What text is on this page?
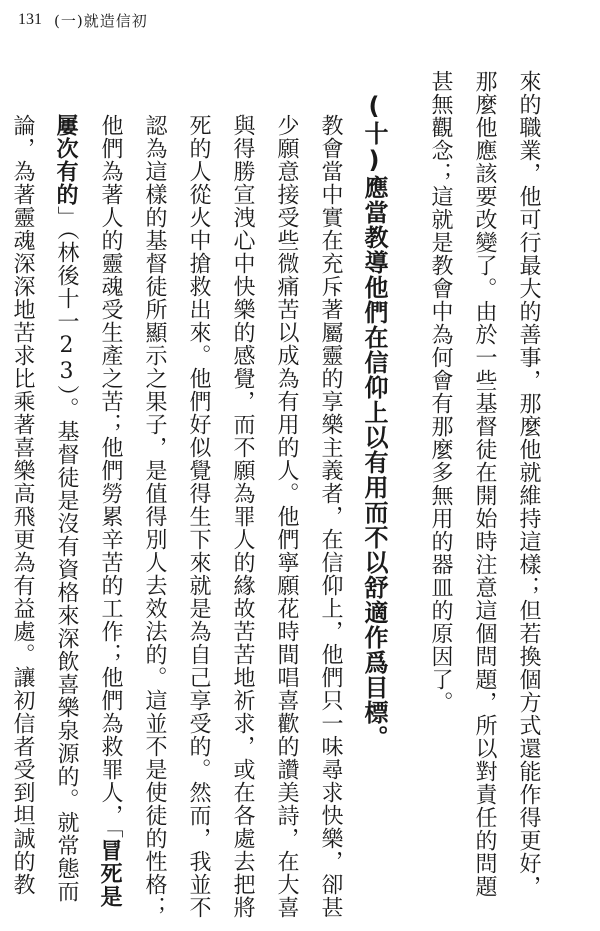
131 (一)就造信初

來的職業，他可行最大的善事，那麼他就維持這樣；但若換個方式還能作得更好，那麼他應該要改變了。由於一些基督徒在開始時注意這個問題，所以對責任的問題甚無觀念；這就是教會中為何會有那麼多無用的器皿的原因了。

(十)應當教導他們在信仰上以有用而不以舒適作爲目標。

教會當中實在充斥著屬靈的享樂主義者，在信仰上，他們只一味尋求快樂，卻甚少願意接受些微痛苦以成為有用的人。他們寧願花時間唱喜歡的讚美詩，在大喜與得勝宣洩心中快樂的感覺，而不願為罪人的緣故苦苦地祈求，或在各處去把將死的人從火中搶救出來。他們好似覺得生下來就是為自己享受的。然而，我並不認為這樣的基督徒所顯示之果子，是值得別人去效法的。這並不是使徒的性格；他們為著人的靈魂受生產之苦；他們勞累辛苦的工作；他們為救罪人，「冒死是屢次有的」（林後十一23）。基督徒是沒有資格來深飲喜樂泉源的。就常態而論，為著靈魂深深地苦求比乘著喜樂高飛更為有益處。讓初信者受到坦誠的教
